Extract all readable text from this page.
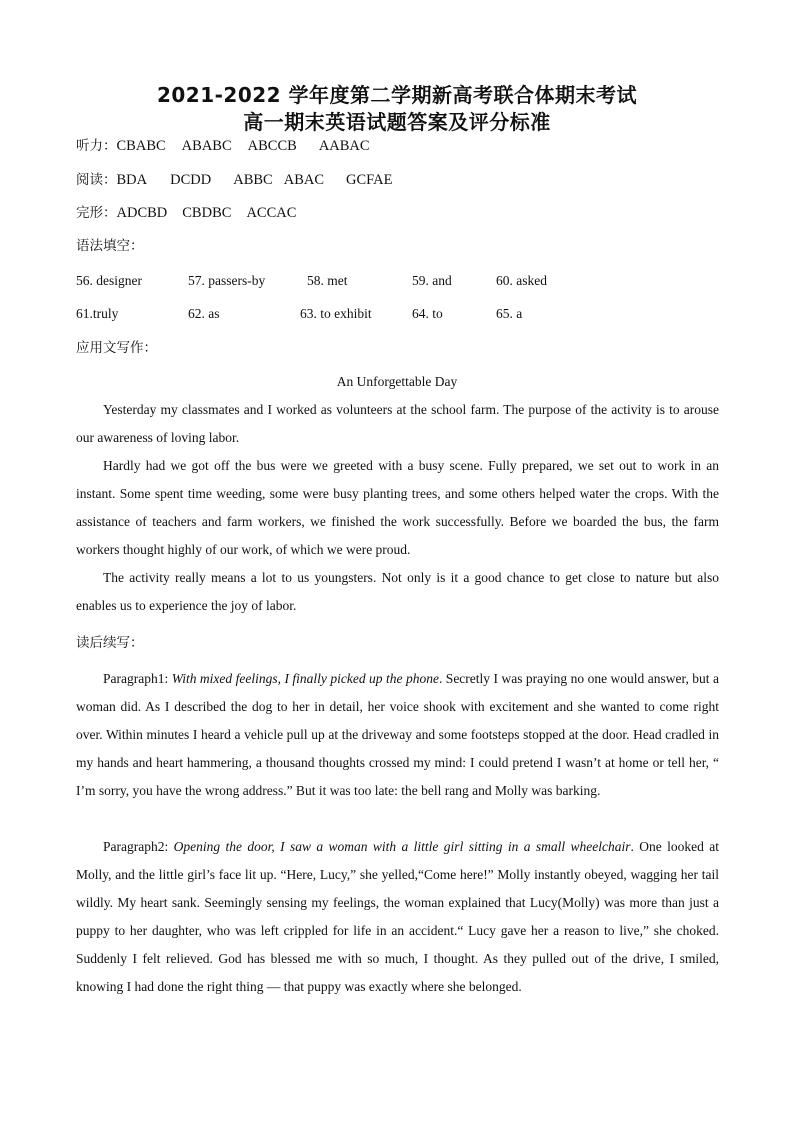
2021-2022 学年度第二学期新高考联合体期末考试
高一期末英语试题答案及评分标准
听力：CBABC ABABC ABCCB AABAC
阅读：BDA DCDD ABBC ABAC GCFAE
完形：ADCBD CBDBC ACCAC
语法填空：
56. designer	57. passers-by	58. met	59. and	60. asked
61.truly	62. as	63. to exhibit	64. to	65. a
应用文写作：
An Unforgettable Day

Yesterday my classmates and I worked as volunteers at the school farm. The purpose of the activity is to arouse our awareness of loving labor.

Hardly had we got off the bus were we greeted with a busy scene. Fully prepared, we set out to work in an instant. Some spent time weeding, some were busy planting trees, and some others helped water the crops. With the assistance of teachers and farm workers, we finished the work successfully. Before we boarded the bus, the farm workers thought highly of our work, of which we were proud.

The activity really means a lot to us youngsters. Not only is it a good chance to get close to nature but also enables us to experience the joy of labor.

读后续写：

Paragraph1: With mixed feelings, I finally picked up the phone. Secretly I was praying no one would answer, but a woman did. As I described the dog to her in detail, her voice shook with excitement and she wanted to come right over. Within minutes I heard a vehicle pull up at the driveway and some footsteps stopped at the door. Head cradled in my hands and heart hammering, a thousand thoughts crossed my mind: I could pretend I wasn’t at home or tell her, “ I’m sorry, you have the wrong address.” But it was too late: the bell rang and Molly was barking.

Paragraph2: Opening the door, I saw a woman with a little girl sitting in a small wheelchair. One looked at Molly, and the little girl’s face lit up. “Here, Lucy,” she yelled,“Come here!” Molly instantly obeyed, wagging her tail wildly. My heart sank. Seemingly sensing my feelings, the woman explained that Lucy(Molly) was more than just a puppy to her daughter, who was left crippled for life in an accident.“ Lucy gave her a reason to live,” she choked. Suddenly I felt relieved. God has blessed me with so much, I thought. As they pulled out of the drive, I smiled, knowing I had done the right thing — that puppy was exactly where she belonged.
